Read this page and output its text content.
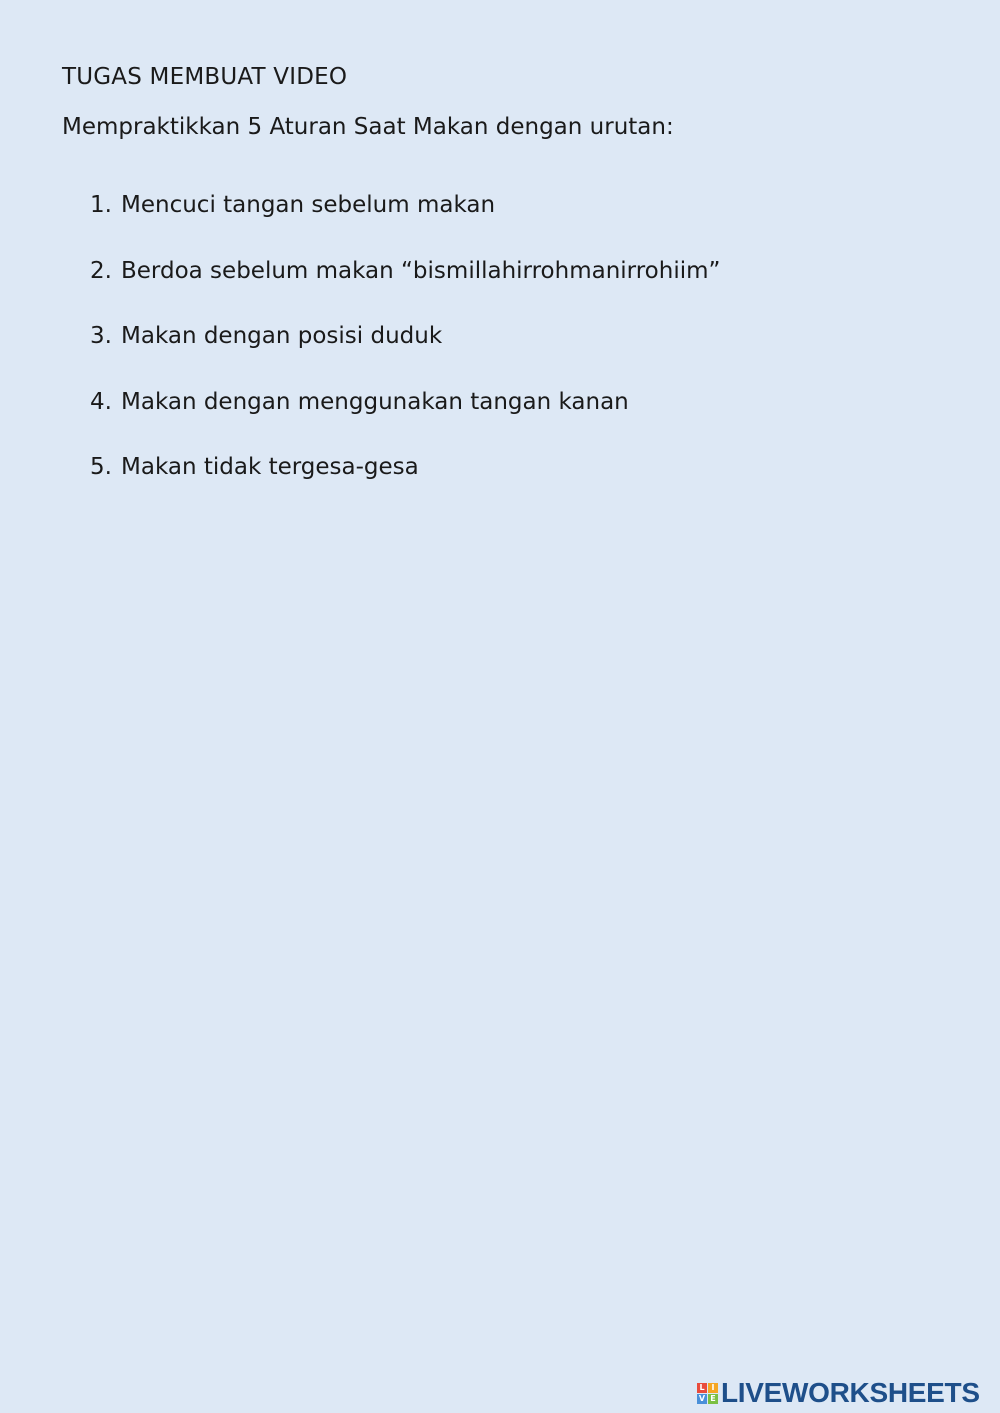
TUGAS MEMBUAT VIDEO
Mempraktikkan 5 Aturan Saat Makan dengan urutan:
1. Mencuci tangan sebelum makan
2. Berdoa sebelum makan “bismillahirrohmanirrohiim”
3. Makan dengan posisi duduk
4. Makan dengan menggunakan tangan kanan
5. Makan tidak tergesa-gesa
L I
V E LIVEWORKSHEETS
